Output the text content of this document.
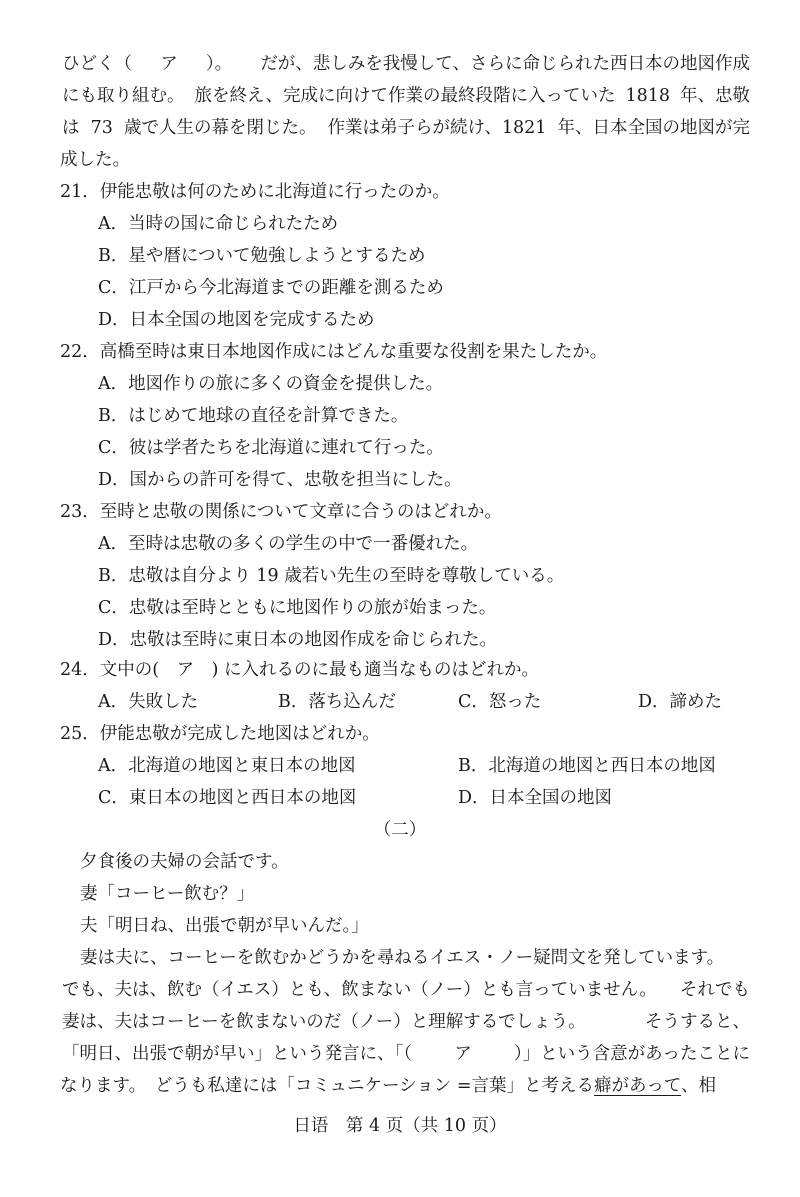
ひどく（ ア ）。 だが、悲しみを我慢して、さらに命じられた西日本の地図作成
にも取り組む。 旅を終え、完成に向けて作業の最終段階に入っていた 1818 年、忠敬
は 73 歳で人生の幕を閉じた。 作業は弟子らが続け、1821 年、日本全国の地図が完
成した。
21．伊能忠敬は何のために北海道に行ったのか。
A．当時の国に命じられたため
B．星や暦について勉強しようとするため
C．江戸から今北海道までの距離を測るため
D．日本全国の地図を完成するため
22．高橋至時は東日本地図作成にはどんな重要な役割を果たしたか。
A．地図作りの旅に多くの資金を提供した。
B．はじめて地球の直径を計算できた。
C．彼は学者たちを北海道に連れて行った。
D．国からの許可を得て、忠敬を担当にした。
23．至時と忠敬の関係について文章に合うのはどれか。
A．至時は忠敬の多くの学生の中で一番優れた。
B．忠敬は自分より 19 歳若い先生の至時を尊敬している。
C．忠敬は至時とともに地図作りの旅が始まった。
D．忠敬は至時に東日本の地図作成を命じられた。
24．文中の(　ア　) に入れるのに最も適当なものはどれか。
A．失敗した	B．落ち込んだ	C．怒った	D．諦めた
25．伊能忠敬が完成した地図はどれか。
A．北海道の地図と東日本の地図	B．北海道の地図と西日本の地図
C．東日本の地図と西日本の地図	D．日本全国の地図
（二）
夕食後の夫婦の会話です。
妻「コーヒー飲む？」
夫「明日ね、出張で朝が早いんだ。」
妻は夫に、コーヒーを飲むかどうかを尋ねるイエス・ノー疑問文を発しています。
でも、夫は、飲む（イエス）とも、飲まない（ノー）とも言っていません。 それでも
妻は、夫はコーヒーを飲まないのだ（ノー）と理解するでしょう。	そうすると、
「明日、出張で朝が早い」という発言に、「（ ア ）」という含意があったことに
なります。　どうも私達には「コミュニケーション =言葉」と考える癖があって、相
日语　第 4 页（共 10 页）
